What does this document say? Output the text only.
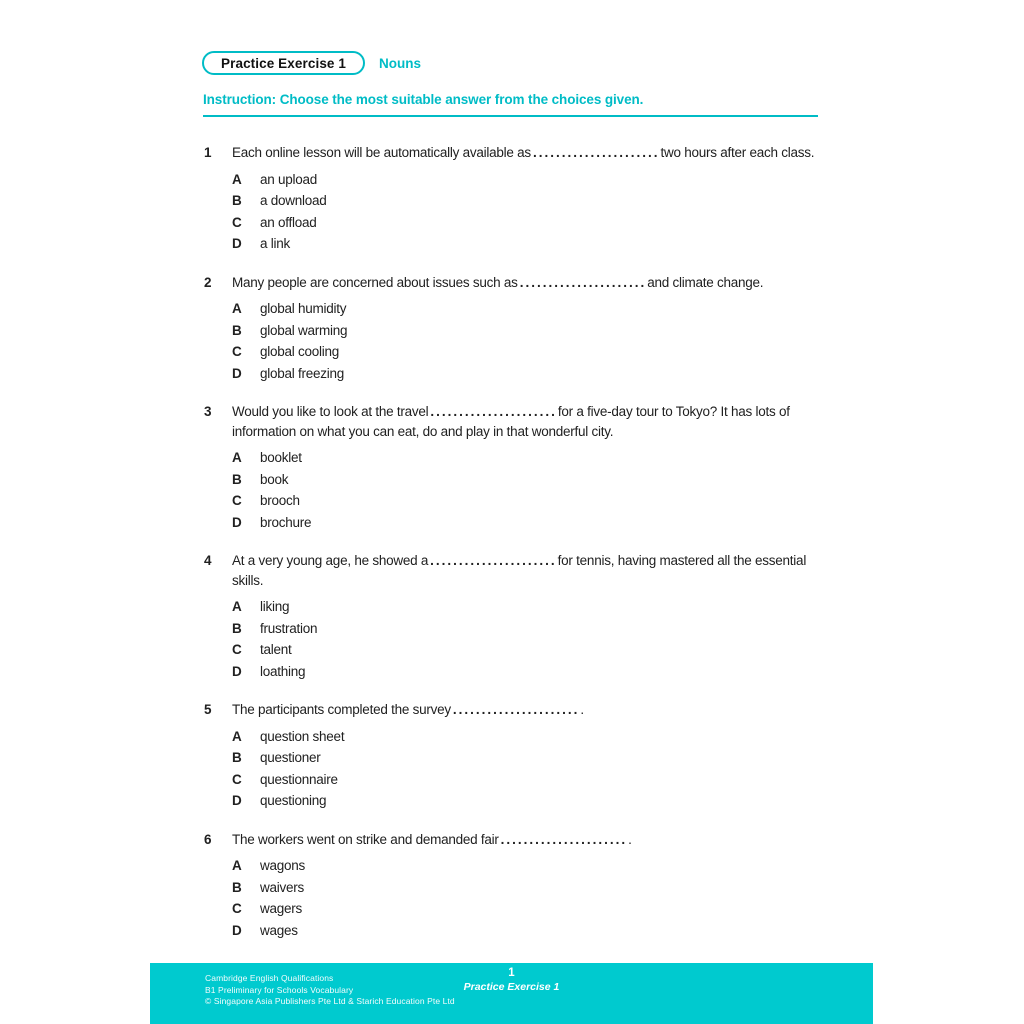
Practice Exercise 1	Nouns
Instruction: Choose the most suitable answer from the choices given.
1	Each online lesson will be automatically available as ......................two hours after each class.

A	an upload
B	a download
C	an offload
D	a link
2	Many people are concerned about issues such as ......................and climate change.

A	global humidity
B	global warming
C	global cooling
D	global freezing
3	Would you like to look at the travel ......................for a five-day tour to Tokyo? It has lots of information on what you can eat, do and play in that wonderful city.

A	booklet
B	book
C	brooch
D	brochure
4	At a very young age, he showed a ......................for tennis, having mastered all the essential skills.

A	liking
B	frustration
C	talent
D	loathing
5	The participants completed the survey .......................

A	question sheet
B	questioner
C	questionnaire
D	questioning
6	The workers went on strike and demanded fair .......................

A	wagons
B	waivers
C	wagers
D	wages
Cambridge English Qualifications
B1 Preliminary for Schools Vocabulary
© Singapore Asia Publishers Pte Ltd & Starich Education Pte Ltd
1
Practice Exercise 1
